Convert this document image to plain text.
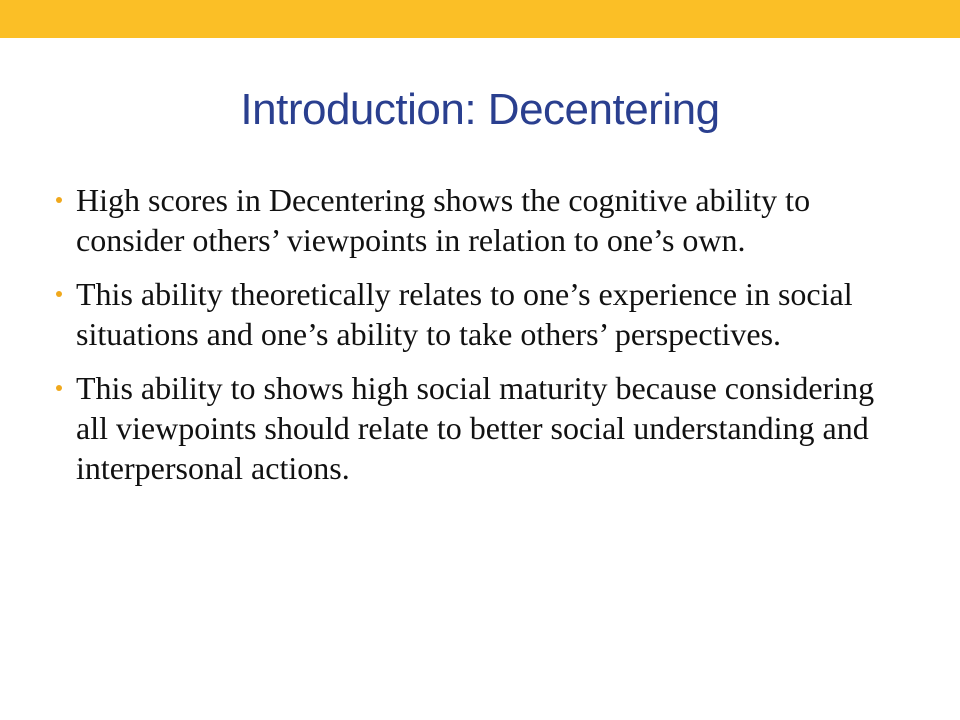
Introduction: Decentering
High scores in Decentering shows the cognitive ability to consider others’ viewpoints in relation to one’s own.
This ability theoretically relates to one’s experience in social situations and one’s ability to take others’ perspectives.
This ability to shows high social maturity because considering all viewpoints should relate to better social understanding and interpersonal actions.
